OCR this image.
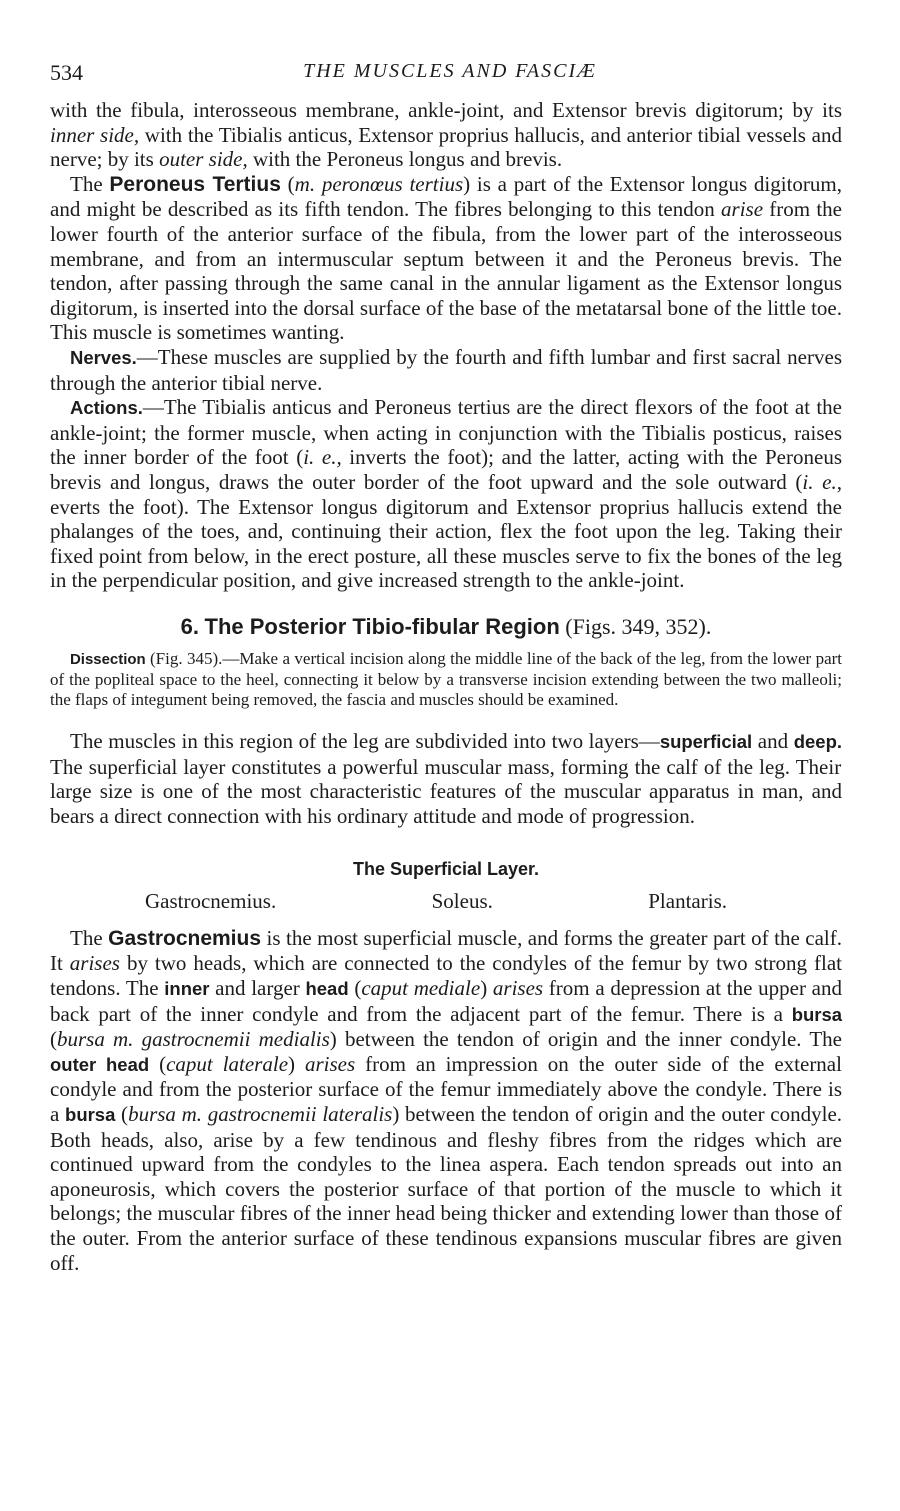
534	THE MUSCLES AND FASCIÆ

with the fibula, interosseous membrane, ankle-joint, and Extensor brevis digitorum; by its inner side, with the Tibialis anticus, Extensor proprius hallucis, and anterior tibial vessels and nerve; by its outer side, with the Peroneus longus and brevis.

The Peroneus Tertius (m. peronœus tertius) is a part of the Extensor longus digitorum, and might be described as its fifth tendon. The fibres belonging to this tendon arise from the lower fourth of the anterior surface of the fibula, from the lower part of the interosseous membrane, and from an intermuscular septum between it and the Peroneus brevis. The tendon, after passing through the same canal in the annular ligament as the Extensor longus digitorum, is inserted into the dorsal surface of the base of the metatarsal bone of the little toe. This muscle is sometimes wanting.

Nerves.—These muscles are supplied by the fourth and fifth lumbar and first sacral nerves through the anterior tibial nerve.

Actions.—The Tibialis anticus and Peroneus tertius are the direct flexors of the foot at the ankle-joint; the former muscle, when acting in conjunction with the Tibialis posticus, raises the inner border of the foot (i. e., inverts the foot); and the latter, acting with the Peroneus brevis and longus, draws the outer border of the foot upward and the sole outward (i. e., everts the foot). The Extensor longus digitorum and Extensor proprius hallucis extend the phalanges of the toes, and, continuing their action, flex the foot upon the leg. Taking their fixed point from below, in the erect posture, all these muscles serve to fix the bones of the leg in the perpendicular position, and give increased strength to the ankle-joint.

6. The Posterior Tibio-fibular Region (Figs. 349, 352).

Dissection (Fig. 345).—Make a vertical incision along the middle line of the back of the leg, from the lower part of the popliteal space to the heel, connecting it below by a transverse incision extending between the two malleoli; the flaps of integument being removed, the fascia and muscles should be examined.

The muscles in this region of the leg are subdivided into two layers—superficial and deep. The superficial layer constitutes a powerful muscular mass, forming the calf of the leg. Their large size is one of the most characteristic features of the muscular apparatus in man, and bears a direct connection with his ordinary attitude and mode of progression.

The Superficial Layer.

Gastrocnemius.	Soleus.	Plantaris.

The Gastrocnemius is the most superficial muscle, and forms the greater part of the calf. It arises by two heads, which are connected to the condyles of the femur by two strong flat tendons. The inner and larger head (caput mediale) arises from a depression at the upper and back part of the inner condyle and from the adjacent part of the femur. There is a bursa (bursa m. gastrocnemii medialis) between the tendon of origin and the inner condyle. The outer head (caput laterale) arises from an impression on the outer side of the external condyle and from the posterior surface of the femur immediately above the condyle. There is a bursa (bursa m. gastrocnemii lateralis) between the tendon of origin and the outer condyle. Both heads, also, arise by a few tendinous and fleshy fibres from the ridges which are continued upward from the condyles to the linea aspera. Each tendon spreads out into an aponeurosis, which covers the posterior surface of that portion of the muscle to which it belongs; the muscular fibres of the inner head being thicker and extending lower than those of the outer. From the anterior surface of these tendinous expansions muscular fibres are given off.
